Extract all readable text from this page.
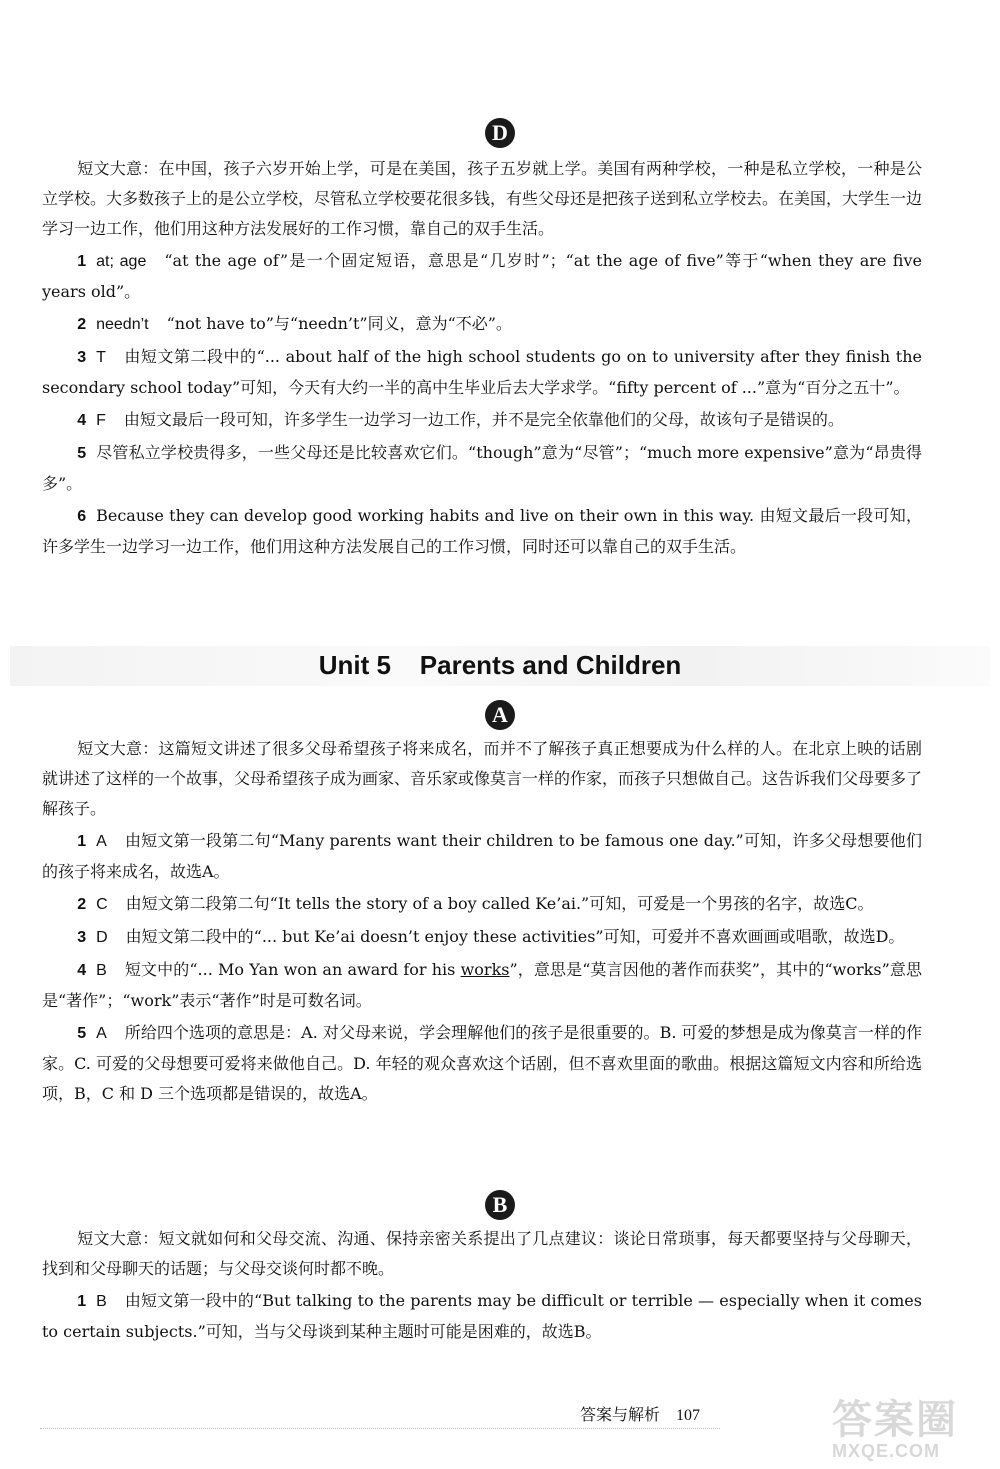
D

短文大意：在中国，孩子六岁开始上学，可是在美国，孩子五岁就上学。美国有两种学校，一种是私立学校，一种是公立学校。大多数孩子上的是公立学校，尽管私立学校要花很多钱，有些父母还是把孩子送到私立学校去。在美国，大学生一边学习一边工作，他们用这种方法发展好的工作习惯，靠自己的双手生活。

1 at; age “at the age of”是一个固定短语，意思是“几岁时”；“at the age of five”等于“when they are five years old”。

2 needn’t “not have to”与“needn’t”同义，意为“不必”。

3 T 由短文第二段中的“... about half of the high school students go on to university after they finish the secondary school today”可知，今天有大约一半的高中生毕业后去大学求学。“fifty percent of ...”意为“百分之五十”。

4 F 由短文最后一段可知，许多学生一边学习一边工作，并不是完全依靠他们的父母，故该句子是错误的。

5 尽管私立学校贵得多，一些父母还是比较喜欢它们。“though”意为“尽管”；“much more expensive”意为“昂贵得多”。

6 Because they can develop good working habits and live on their own in this way. 由短文最后一段可知，许多学生一边学习一边工作，他们用这种方法发展自己的工作习惯，同时还可以靠自己的双手生活。

Unit 5    Parents and Children
A

短文大意：这篇短文讲述了很多父母希望孩子将来成名，而并不了解孩子真正想要成为什么样的人。在北京上映的话剧就讲述了这样的一个故事，父母希望孩子成为画家、音乐家或像莫言一样的作家，而孩子只想做自己。这告诉我们父母要多了解孩子。

1 A 由短文第一段第二句“Many parents want their children to be famous one day.”可知，许多父母想要他们的孩子将来成名，故选A。

2 C 由短文第二段第二句“It tells the story of a boy called Ke’ai.”可知，可爱是一个男孩的名字，故选C。

3 D 由短文第二段中的“... but Ke’ai doesn’t enjoy these activities”可知，可爱并不喜欢画画或唱歌，故选D。

4 B 短文中的“... Mo Yan won an award for his works”，意思是“莫言因他的著作而获奖”，其中的“works”意思是“著作”；“work”表示“著作”时是可数名词。

5 A 所给四个选项的意思是：A. 对父母来说，学会理解他们的孩子是很重要的。B. 可爱的梦想是成为像莫言一样的作家。C. 可爱的父母想要可爱将来做他自己。D. 年轻的观众喜欢这个话剧，但不喜欢里面的歌曲。根据这篇短文内容和所给选项，B，C 和 D 三个选项都是错误的，故选A。

B

短文大意：短文就如何和父母交流、沟通、保持亲密关系提出了几点建议：谈论日常琐事，每天都要坚持与父母聊天，找到和父母聊天的话题；与父母交谈何时都不晚。

1 B 由短文第一段中的“But talking to the parents may be difficult or terrible — especially when it comes to certain subjects.”可知，当与父母谈到某种主题时可能是困难的，故选B。

答案与解析 107	答案圈
MXQE.COM
